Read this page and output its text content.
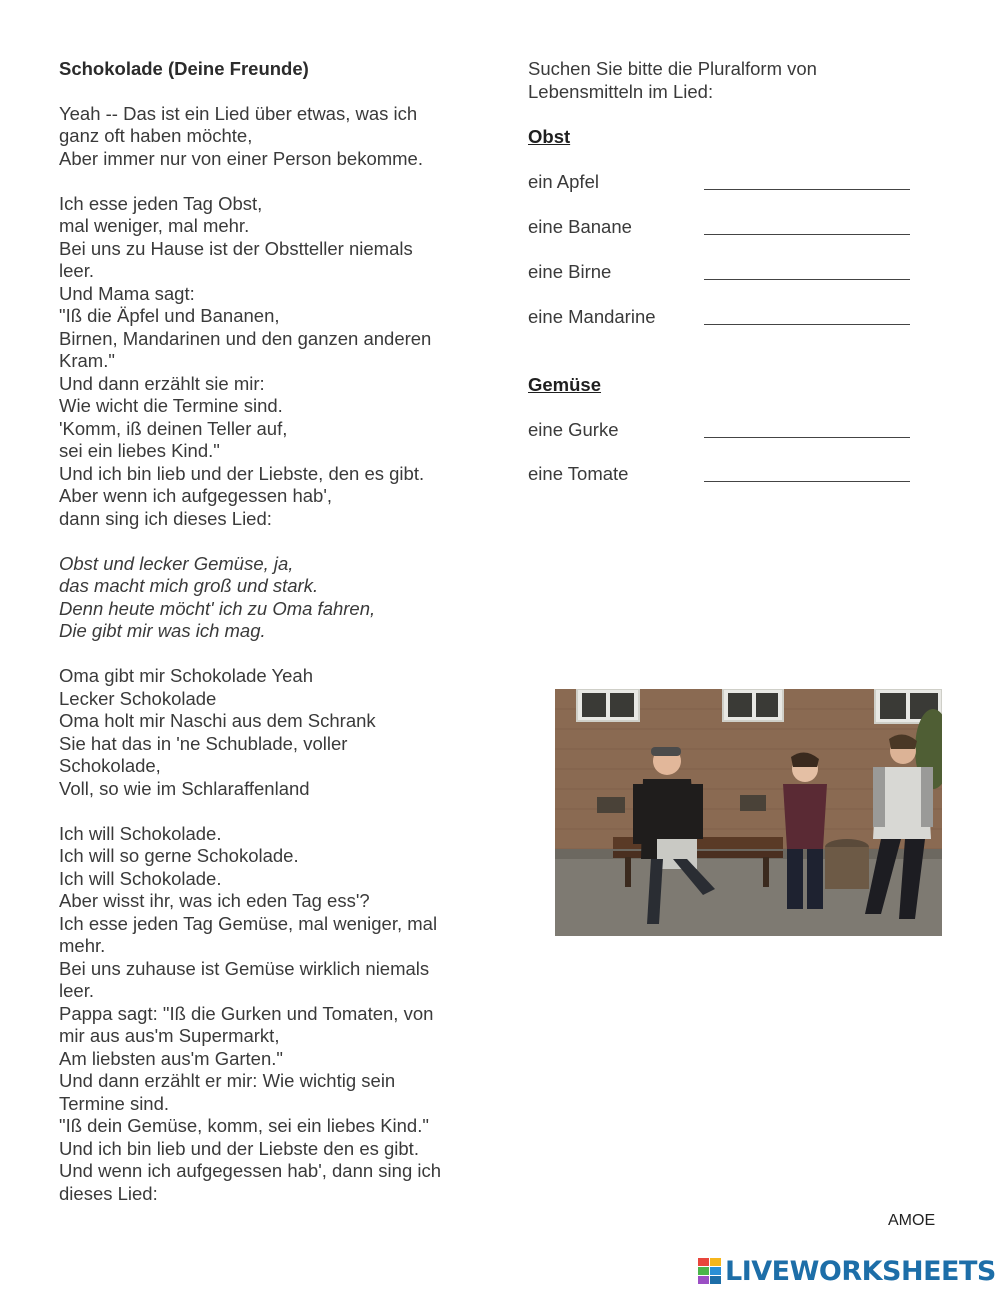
Schokolade (Deine Freunde)
Yeah -- Das ist ein Lied über etwas, was ich
ganz oft haben möchte,
Aber immer nur von einer Person bekomme.
Ich esse jeden Tag Obst,
mal weniger, mal mehr.
Bei uns zu Hause ist der Obstteller niemals
leer.
Und Mama sagt:
"Iß die Äpfel und Bananen,
Birnen, Mandarinen und den ganzen anderen
Kram."
Und dann erzählt sie mir:
Wie wicht die Termine sind.
'Komm, iß deinen Teller auf,
sei ein liebes Kind."
Und ich bin lieb und der Liebste, den es gibt.
Aber wenn ich aufgegessen hab',
dann sing ich dieses Lied:
Obst und lecker Gemüse, ja,
das macht mich groß und stark.
Denn heute möcht' ich zu Oma fahren,
Die gibt mir was ich mag.
Oma gibt mir Schokolade Yeah
Lecker Schokolade
Oma holt mir Naschi aus dem Schrank
Sie hat das in 'ne Schublade, voller
Schokolade,
Voll, so wie im Schlaraffenland
Ich will Schokolade.
Ich will so gerne Schokolade.
Ich will Schokolade.
Aber wisst ihr, was ich eden Tag ess'?
Ich esse jeden Tag Gemüse, mal weniger, mal
mehr.
Bei uns zuhause ist Gemüse wirklich niemals
leer.
Pappa sagt: "Iß die Gurken und Tomaten, von
mir aus aus'm Supermarkt,
Am liebsten aus'm Garten."
Und dann erzählt er mir: Wie wichtig sein
Termine sind.
"Iß dein Gemüse, komm, sei ein liebes Kind."
Und ich bin lieb und der Liebste den es gibt.
Und wenn ich aufgegessen hab', dann sing ich
dieses Lied:
Suchen Sie bitte die Pluralform von
Lebensmitteln im Lied:
Obst
ein Apfel
eine Banane
eine Birne
eine Mandarine
Gemüse
eine Gurke
eine Tomate
AMOE
LIVEWORKSHEETS
